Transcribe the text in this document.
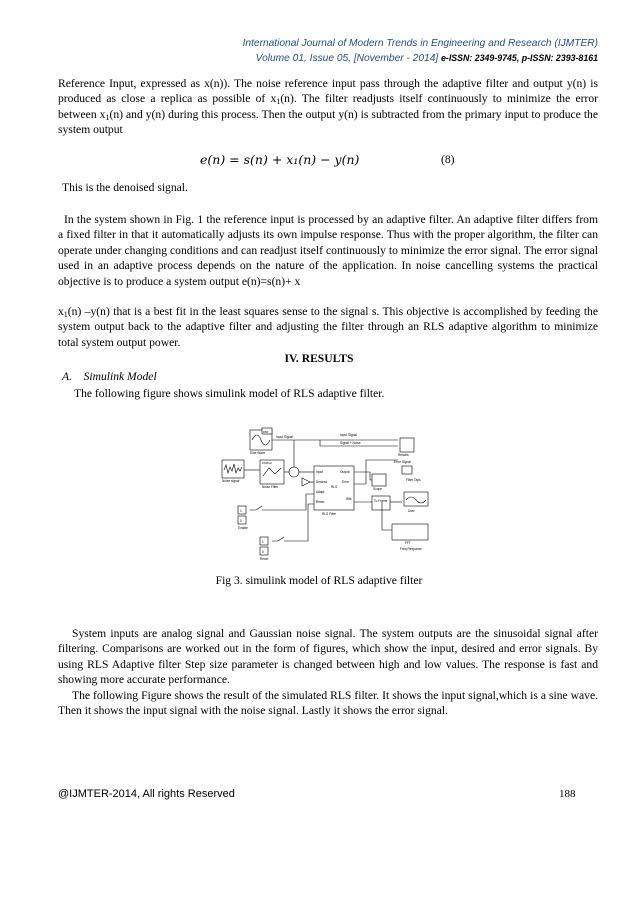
International Journal of Modern Trends in Engineering and Research (IJMTER)
Volume 01, Issue 05, [November - 2014] e-ISSN: 2349-9745, p-ISSN: 2393-8161

Reference Input, expressed as x(n)). The noise reference input pass through the adaptive filter and output y(n) is produced as close a replica as possible of $x_1(n)$. The filter readjusts itself continuously to minimize the error between $x_1(n)$ and y(n) during this process. Then the output y(n) is subtracted from the primary input to produce the system output

e(n) = s(n) + x₁(n) − y(n)	(8)
This is the denoised signal.

In the system shown in Fig. 1 the reference input is processed by an adaptive filter. An adaptive filter differs from a fixed filter in that it automatically adjusts its own impulse response. Thus with the proper algorithm, the filter can operate under changing conditions and can readjust itself continuously to minimize the error signal. The error signal used in an adaptive process depends on the nature of the application. In noise cancelling systems the practical objective is to produce a system output e(n)=s(n)+ x

$x_1(n)$ –y(n) that is a best fit in the least squares sense to the signal s. This objective is accomplished by feeding the system output back to the adaptive filter and adjusting the filter through an RLS adaptive algorithm to minimize total system output power.

IV. RESULTS
A.    Simulink Model
The following figure shows simulink model of RLS adaptive filter.
Sine Wave
DSP
Input Signal	Input Signal
Signal + Noise
Noise signal
FDATool
Noise Filter
Input
Desired
Adapt
Reset
Output
Error
Wts
RLS
RLS Filter
Scope
To Frame
Results
Error Signal
Filter Taps
User
FFT
Freq Response
Enable
Reset
1
0
1
0
Fig 3. simulink model of RLS adaptive filter

System inputs are analog signal and Gaussian noise signal. The system outputs are the sinusoidal signal after filtering. Comparisons are worked out in the form of figures, which show the input, desired and error signals. By using RLS Adaptive filter Step size parameter is changed between high and low values. The response is fast and showing more accurate performance.

The following Figure shows the result of the simulated RLS filter. It shows the input signal,which is a sine wave. Then it shows the input signal with the noise signal. Lastly it shows the error signal.

@IJMTER-2014, All rights Reserved	188
